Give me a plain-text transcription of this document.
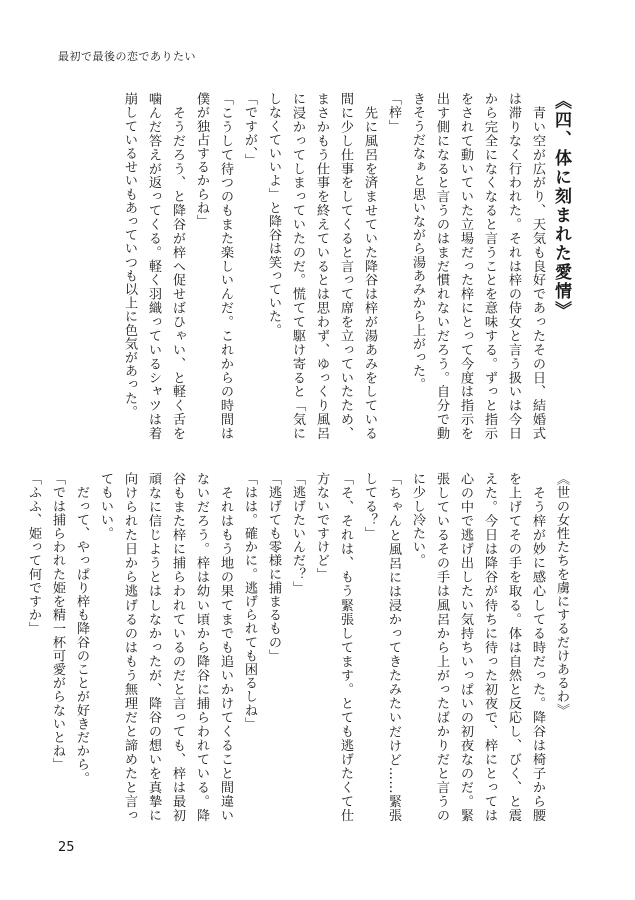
最初で最後の恋でありたい

《四、体に刻まれた愛情》

　青い空が広がり、天気も良好であったその日、結婚式は滞りなく行われた。それは梓の侍女と言う扱いは今日から完全になくなると言うことを意味する。ずっと指示をされて動いていた立場だった梓にとって今度は指示を出す側になると言うのはまだ慣れないだろう。自分で動きそうだなぁと思いながら湯あみから上がった。

「梓」

　先に風呂を済ませていた降谷は梓が湯あみをしている間に少し仕事をしてくると言って席を立っていたため、まさかもう仕事を終えているとは思わず、ゆっくり風呂に浸かってしまっていたのだ。慌てて駆け寄ると「気にしなくていいよ」と降谷は笑っていた。

「ですが、」

「こうして待つのもまた楽しいんだ。これからの時間は僕が独占するからね」

　そうだろう、と降谷が梓へ促せばひゃい、と軽く舌を噛んだ答えが返ってくる。軽く羽織っているシャツは着崩しているせいもあっていつも以上に色気があった。

《世の女性たちを虜にするだけあるわ》

　そう梓が妙に感心してる時だった。降谷は椅子から腰を上げてその手を取る。体は自然と反応し、びく、と震えた。今日は降谷が待ちに待った初夜で、梓にとっては心の中で逃げ出したい気持ちいっぱいの初夜なのだ。緊張しているその手は風呂から上がったばかりだと言うのに少し冷たい。

「ちゃんと風呂には浸かってきたみたいだけど……緊張してる？」

「そ、それは、もう緊張してます。とても逃げたくて仕方ないですけど」

「逃げたいんだ？」

「逃げても零様に捕まるもの」

「はは。確かに。逃げられても困るしね」

　それはもう地の果てまでも追いかけてくること間違いないだろう。梓は幼い頃から降谷に捕らわれている。降谷もまた梓に捕らわれているのだと言っても、梓は最初頑なに信じようとはしなかったが、降谷の想いを真摯に向けられた日から逃げるのはもう無理だと諦めたと言ってもいい。

　だって、やっぱり梓も降谷のことが好きだから。

「では捕らわれた姫を精一杯可愛がらないとね」

「ふふ、姫って何ですか」

25
